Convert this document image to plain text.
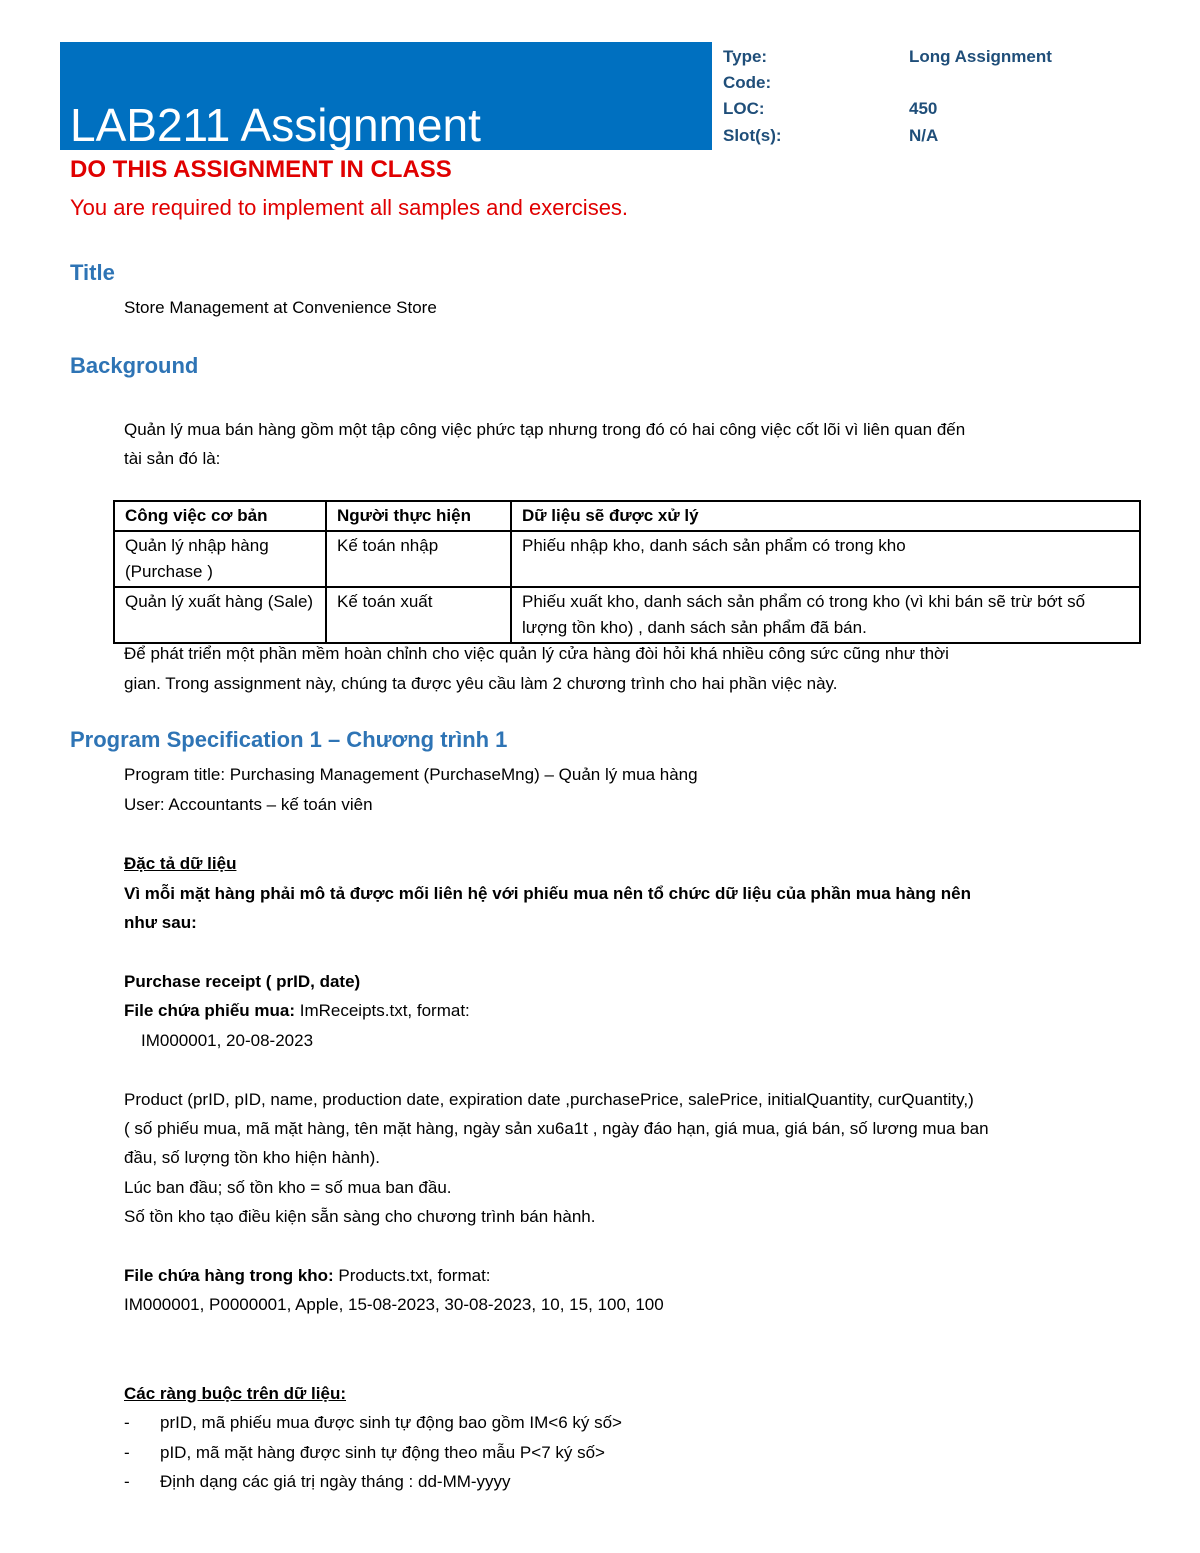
LAB211 Assignment
Type:	Long Assignment
Code:
LOC:	450
Slot(s):	N/A
DO THIS ASSIGNMENT IN CLASS
You are required to implement all samples and exercises.
Title
Store Management at Convenience Store
Background
Quản lý mua bán hàng gồm một tập công việc phức tạp nhưng trong đó có hai công việc cốt lõi vì liên quan đến
tài sản đó là:
Công việc cơ bản	Người thực hiện	Dữ liệu sẽ được xử lý
Quản lý nhập hàng (Purchase )	Kế toán nhập	Phiếu nhập kho, danh sách sản phẩm có trong kho
Quản lý xuất hàng (Sale)	Kế toán xuất	Phiếu xuất kho, danh sách sản phẩm có trong kho (vì khi bán sẽ trừ bớt số lượng tồn kho) , danh sách sản phẩm đã bán.
Để phát triển một phần mềm hoàn chỉnh cho việc quản lý cửa hàng đòi hỏi khá nhiều công sức cũng như thời
gian. Trong assignment này, chúng ta được yêu cầu làm 2 chương trình cho hai phần việc này.
Program Specification 1 – Chương trình 1
Program title: Purchasing Management (PurchaseMng) – Quản lý mua hàng
User: Accountants – kế toán viên
Đặc tả dữ liệu
Vì mỗi mặt hàng phải mô tả được mối liên hệ với phiếu mua nên tổ chức dữ liệu của phần mua hàng nên
như sau:
Purchase receipt ( prID, date)
File chứa phiếu mua: ImReceipts.txt, format:
IM000001, 20-08-2023
Product (prID, pID, name, production date, expiration date ,purchasePrice, salePrice, initialQuantity, curQuantity,)
( số phiếu mua, mã mặt hàng, tên mặt hàng, ngày sản xu6a1t , ngày đáo hạn, giá mua, giá bán, số lương mua ban
đầu, số lượng tồn kho hiện hành).
Lúc ban đầu; số tồn kho = số mua ban đầu.
Số tồn kho tạo điều kiện sẵn sàng cho chương trình bán hành.
File chứa hàng trong kho: Products.txt, format:
IM000001, P0000001, Apple, 15-08-2023, 30-08-2023, 10, 15, 100, 100
Các ràng buộc trên dữ liệu:
- prID, mã phiếu mua được sinh tự động bao gồm IM<6 ký số>
- pID, mã mặt hàng được sinh tự động theo mẫu P<7 ký số>
- Định dạng các giá trị ngày tháng : dd-MM-yyyy
